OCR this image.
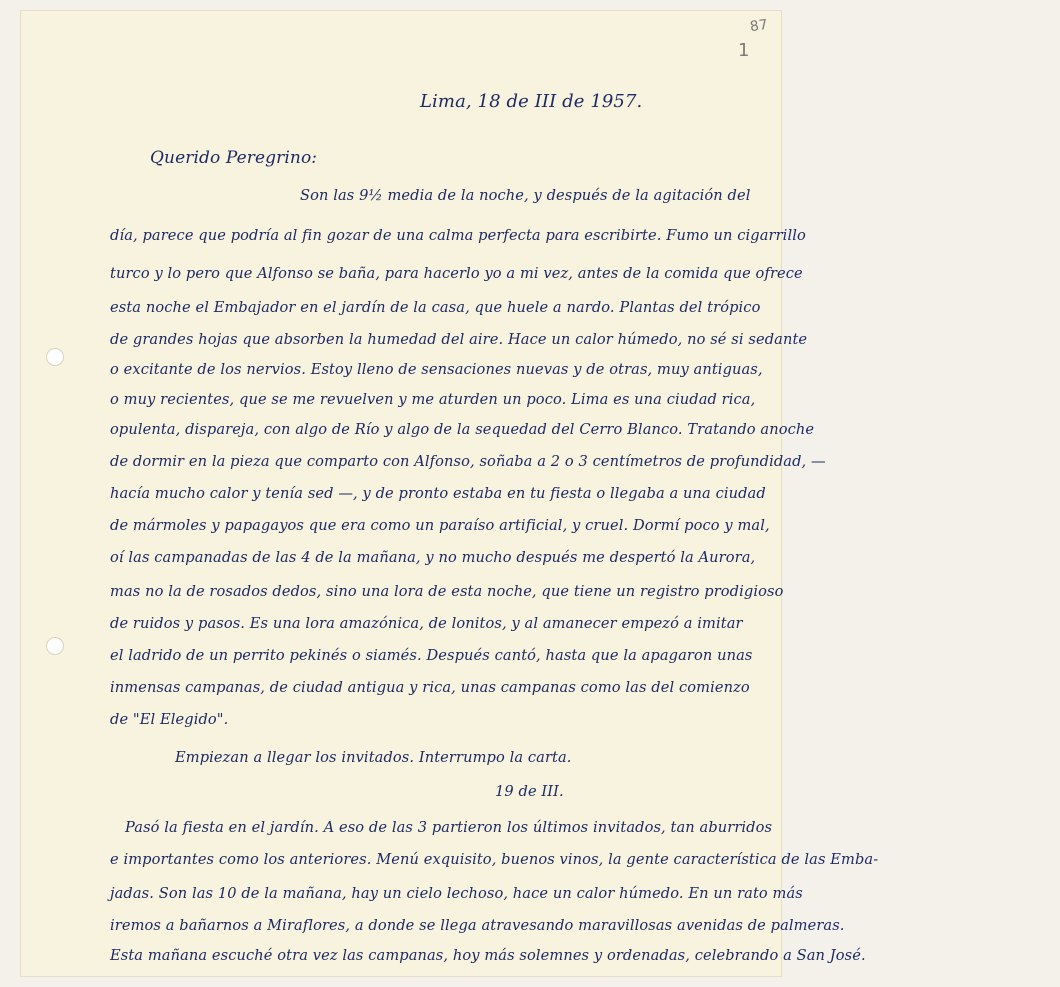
87
1
Lima, 18 de III de 1957.
Querido Peregrino:
Son las 9½ media de la noche, y después de la agitación del
día, parece que podría al fin gozar de una calma perfecta para escribirte. Fumo un cigarrillo
turco y lo pero que Alfonso se baña, para hacerlo yo a mi vez, antes de la comida que ofrece
esta noche el Embajador en el jardín de la casa, que huele a nardo. Plantas del trópico
de grandes hojas que absorben la humedad del aire. Hace un calor húmedo, no sé si sedante
o excitante de los nervios. Estoy lleno de sensaciones nuevas y de otras, muy antiguas,
o muy recientes, que se me revuelven y me aturden un poco. Lima es una ciudad rica,
opulenta, dispareja, con algo de Río y algo de la sequedad del Cerro Blanco. Tratando anoche
de dormir en la pieza que comparto con Alfonso, soñaba a 2 o 3 centímetros de profundidad, —
hacía mucho calor y tenía sed —, y de pronto estaba en tu fiesta o llegaba a una ciudad
de mármoles y papagayos que era como un paraíso artificial, y cruel. Dormí poco y mal,
oí las campanadas de las 4 de la mañana, y no mucho después me despertó la Aurora,
mas no la de rosados dedos, sino una lora de esta noche, que tiene un registro prodigioso
de ruidos y pasos. Es una lora amazónica, de lonitos, y al amanecer empezó a imitar
el ladrido de un perrito pekinés o siamés. Después cantó, hasta que la apagaron unas
inmensas campanas, de ciudad antigua y rica, unas campanas como las del comienzo
de "El Elegido".
Empiezan a llegar los invitados. Interrumpo la carta.
19 de III.
Pasó la fiesta en el jardín. A eso de las 3 partieron los últimos invitados, tan aburridos
e importantes como los anteriores. Menú exquisito, buenos vinos, la gente característica de las Emba-
jadas. Son las 10 de la mañana, hay un cielo lechoso, hace un calor húmedo. En un rato más
iremos a bañarnos a Miraflores, a donde se llega atravesando maravillosas avenidas de palmeras.
Esta mañana escuché otra vez las campanas, hoy más solemnes y ordenadas, celebrando a San José.
